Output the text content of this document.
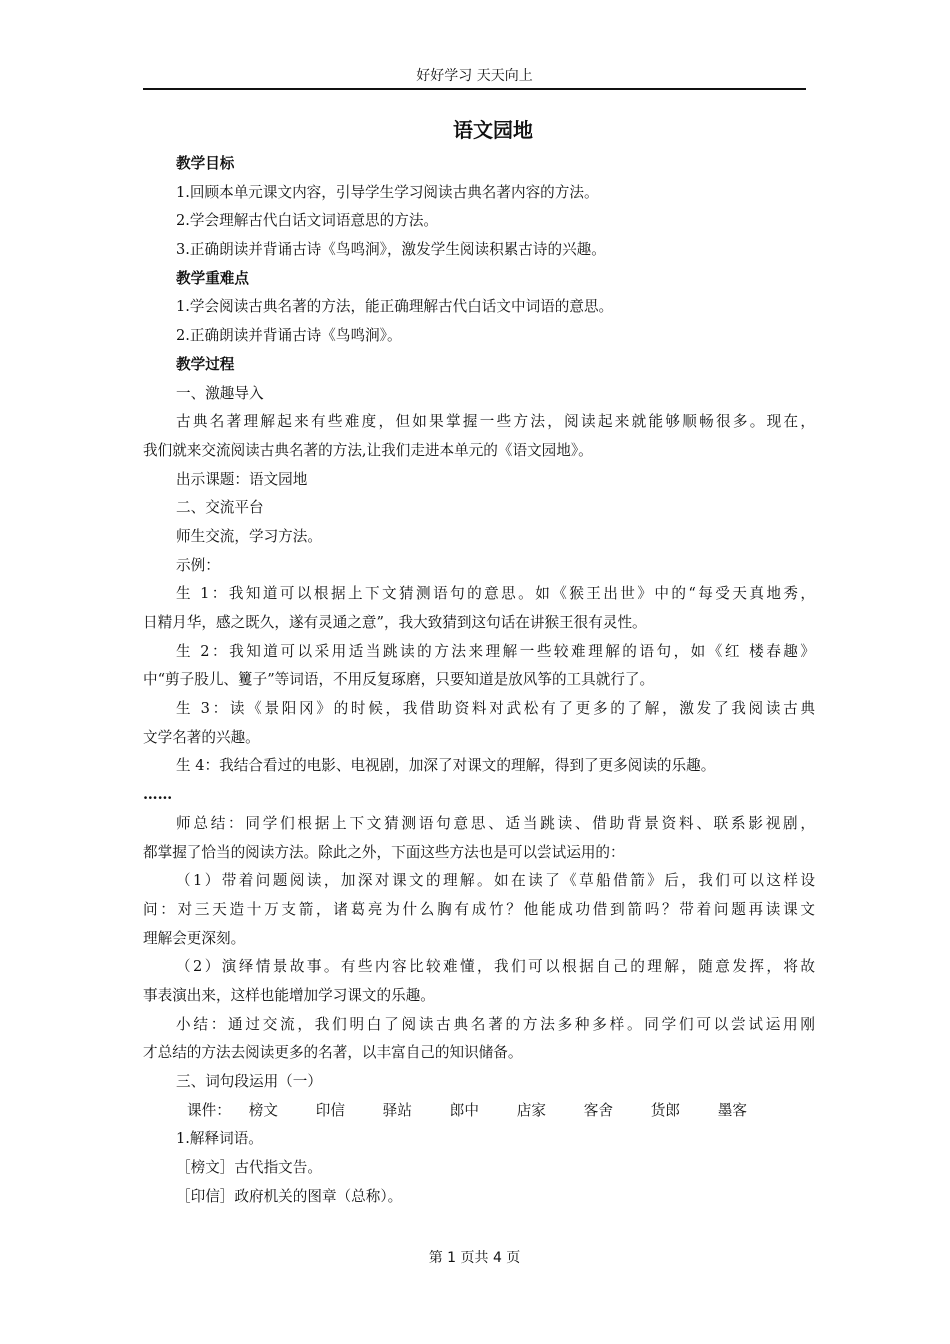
好好学习 天天向上
语文园地
教学目标
1.回顾本单元课文内容，引导学生学习阅读古典名著内容的方法。
2.学会理解古代白话文词语意思的方法。
3.正确朗读并背诵古诗《鸟鸣涧》，激发学生阅读积累古诗的兴趣。
教学重难点
1.学会阅读古典名著的方法，能正确理解古代白话文中词语的意思。
2.正确朗读并背诵古诗《鸟鸣涧》。
教学过程
一、激趣导入
古典名著理解起来有些难度，但如果掌握一些方法，阅读起来就能够顺畅很多。现在，
我们就来交流阅读古典名著的方法,让我们走进本单元的《语文园地》。
出示课题：语文园地
二、交流平台
师生交流，学习方法。
示例：
生 1：我知道可以根据上下文猜测语句的意思。如《猴王出世》中的“每受天真地秀，
日精月华，感之既久，遂有灵通之意”，我大致猜到这句话在讲猴王很有灵性。
生 2：我知道可以采用适当跳读的方法来理解一些较难理解的语句，如《红 楼春趣》
中“剪子股儿、籰子”等词语，不用反复琢磨，只要知道是放风筝的工具就行了。
生 3：读《景阳冈》的时候，我借助资料对武松有了更多的了解，激发了我阅读古典
文学名著的兴趣。
生 4：我结合看过的电影、电视剧，加深了对课文的理解，得到了更多阅读的乐趣。
……
师总结：同学们根据上下文猜测语句意思、适当跳读、借助背景资料、联系影视剧，
都掌握了恰当的阅读方法。除此之外，下面这些方法也是可以尝试运用的：
（1）带着问题阅读，加深对课文的理解。如在读了《草船借箭》后，我们可以这样设
问：对三天造十万支箭，诸葛亮为什么胸有成竹？他能成功借到箭吗？带着问题再读课文
理解会更深刻。
（2）演绎情景故事。有些内容比较难懂，我们可以根据自己的理解，随意发挥，将故
事表演出来，这样也能增加学习课文的乐趣。
小结：通过交流，我们明白了阅读古典名著的方法多种多样。同学们可以尝试运用刚
才总结的方法去阅读更多的名著，以丰富自己的知识储备。
三、词句段运用（一）
课件： 榜文	印信	驿站	郎中	店家	客舍	货郎	墨客
1.解释词语。
［榜文］古代指文告。
［印信］政府机关的图章（总称）。
第 1 页共 4 页
